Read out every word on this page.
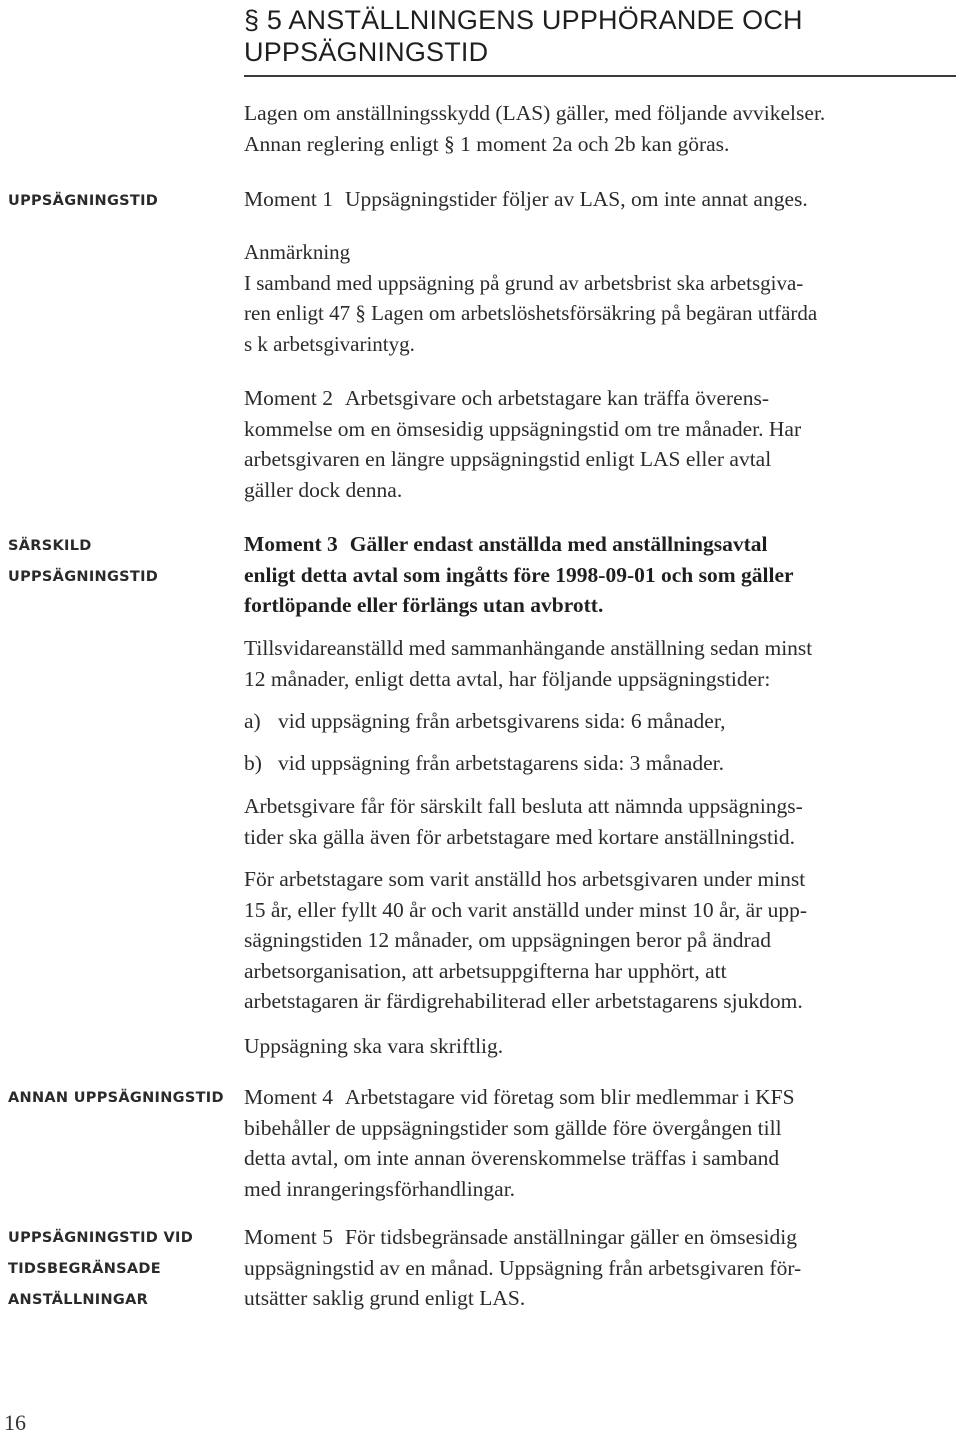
§ 5 ANSTÄLLNINGENS UPPHÖRANDE OCH
UPPSÄGNINGSTID
Lagen om anställningsskydd (LAS) gäller, med följande avvikelser.
Annan reglering enligt § 1 moment 2a och 2b kan göras.
UPPSÄGNINGSTID
SÄRSKILD
UPPSÄGNINGSTID
ANNAN UPPSÄGNINGSTID
UPPSÄGNINGSTID VID
TIDSBEGRÄNSADE
ANSTÄLLNINGAR
Moment 1 Uppsägningstider följer av LAS, om inte annat anges.
Anmärkning
I samband med uppsägning på grund av arbetsbrist ska arbetsgiva-
ren enligt 47 § Lagen om arbetslöshetsförsäkring på begäran utfärda
s k arbetsgivarintyg.
Moment 2 Arbetsgivare och arbetstagare kan träffa överens-
kommelse om en ömsesidig uppsägningstid om tre månader. Har
arbetsgivaren en längre uppsägningstid enligt LAS eller avtal
gäller dock denna.
Moment 3 Gäller endast anställda med anställningsavtal
enligt detta avtal som ingåtts före 1998-09-01 och som gäller
fortlöpande eller förlängs utan avbrott.
Tillsvidareanställd med sammanhängande anställning sedan minst
12 månader, enligt detta avtal, har följande uppsägningstider:
a) vid uppsägning från arbetsgivarens sida: 6 månader,
b) vid uppsägning från arbetstagarens sida: 3 månader.
Arbetsgivare får för särskilt fall besluta att nämnda uppsägnings-
tider ska gälla även för arbetstagare med kortare anställningstid.
För arbetstagare som varit anställd hos arbetsgivaren under minst
15 år, eller fyllt 40 år och varit anställd under minst 10 år, är upp-
sägningstiden 12 månader, om uppsägningen beror på ändrad
arbetsorganisation, att arbetsuppgifterna har upphört, att
arbetstagaren är färdigrehabiliterad eller arbetstagarens sjukdom.
Uppsägning ska vara skriftlig.
Moment 4 Arbetstagare vid företag som blir medlemmar i KFS
bibehåller de uppsägningstider som gällde före övergången till
detta avtal, om inte annan överenskommelse träffas i samband
med inrangeringsförhandlingar.
Moment 5 För tidsbegränsade anställningar gäller en ömsesidig
uppsägningstid av en månad. Uppsägning från arbetsgivaren för-
utsätter saklig grund enligt LAS.
16
